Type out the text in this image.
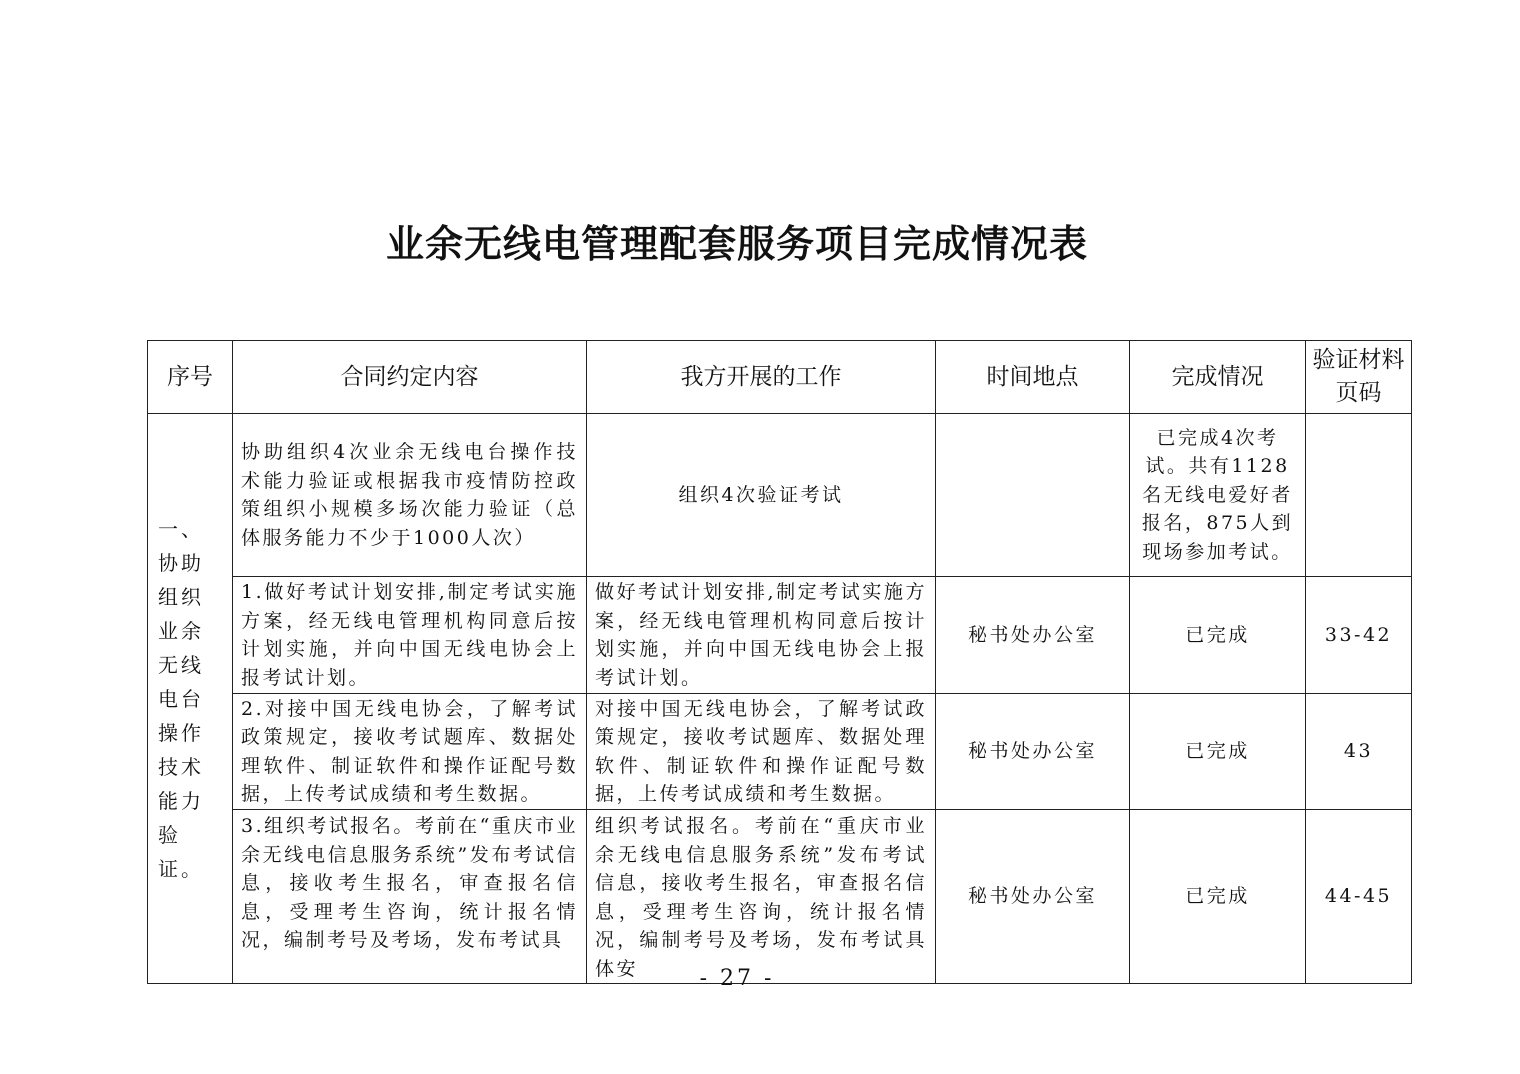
业余无线电管理配套服务项目完成情况表
序号	合同约定内容	我方开展的工作	时间地点	完成情况	验证材料页码
一、协助组织业余无线电台操作技术能力验证。	协助组织4次业余无线电台操作技术能力验证或根据我市疫情防控政策组织小规模多场次能力验证（总体服务能力不少于1000人次）	组织4次验证考试		已完成4次考试。共有1128名无线电爱好者报名，875人到现场参加考试。	
	1.做好考试计划安排,制定考试实施方案，经无线电管理机构同意后按计划实施，并向中国无线电协会上报考试计划。	做好考试计划安排,制定考试实施方案，经无线电管理机构同意后按计划实施，并向中国无线电协会上报考试计划。	秘书处办公室	已完成	33-42
	2.对接中国无线电协会，了解考试政策规定，接收考试题库、数据处理软件、制证软件和操作证配号数据，上传考试成绩和考生数据。	对接中国无线电协会，了解考试政策规定，接收考试题库、数据处理软件、制证软件和操作证配号数据，上传考试成绩和考生数据。	秘书处办公室	已完成	43
	3.组织考试报名。考前在“重庆市业余无线电信息服务系统”发布考试信息，接收考生报名，审查报名信息，受理考生咨询，统计报名情况，编制考号及考场，发布考试具	组织考试报名。考前在“重庆市业余无线电信息服务系统”发布考试信息，接收考生报名，审查报名信息，受理考生咨询，统计报名情况，编制考号及考场，发布考试具体安	秘书处办公室	已完成	44-45
- 27 -
